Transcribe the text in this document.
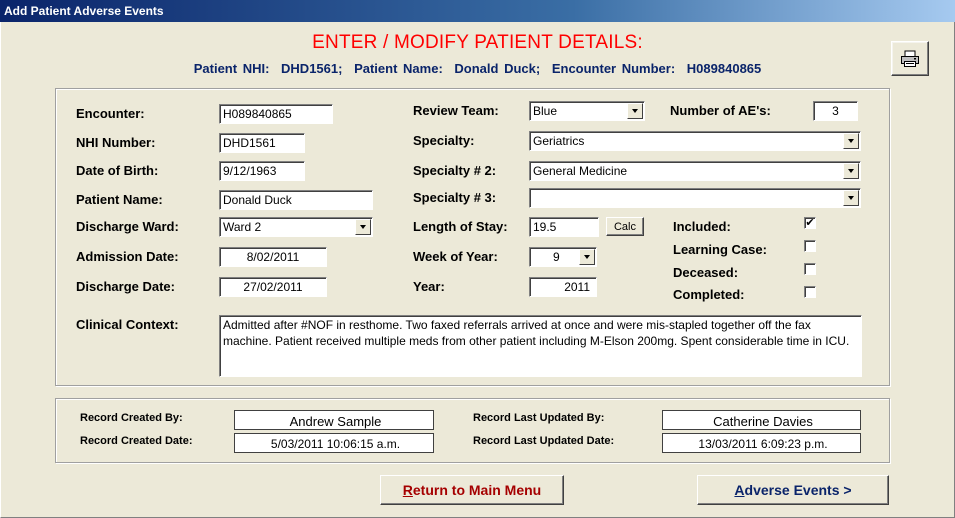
Add Patient Adverse Events
ENTER / MODIFY PATIENT DETAILS:
Patient NHI: DHD1561; Patient Name: Donald Duck; Encounter Number: H089840865
Encounter:	H089840865
NHI Number:	DHD1561
Date of Birth:	9/12/1963
Patient Name:	Donald Duck
Discharge Ward:	Ward 2
Admission Date:	8/02/2011
Discharge Date:	27/02/2011
Review Team:	Blue	Number of AE's:	3
Specialty:	Geriatrics
Specialty # 2:	General Medicine
Specialty # 3:
Length of Stay:	19.5	Calc
Week of Year:	9
Year:	2011
Included:	✔
Learning Case:
Deceased:
Completed:
Clinical Context:	Admitted after #NOF in resthome. Two faxed referrals arrived at once and were mis-stapled together off the fax machine. Patient received multiple meds from other patient including M-Elson 200mg. Spent considerable time in ICU.
Record Created By:	Andrew Sample
Record Created Date:	5/03/2011 10:06:15 a.m.
Record Last Updated By:	Catherine Davies
Record Last Updated Date:	13/03/2011 6:09:23 p.m.
R eturn to Main Menu	A dverse Events >
